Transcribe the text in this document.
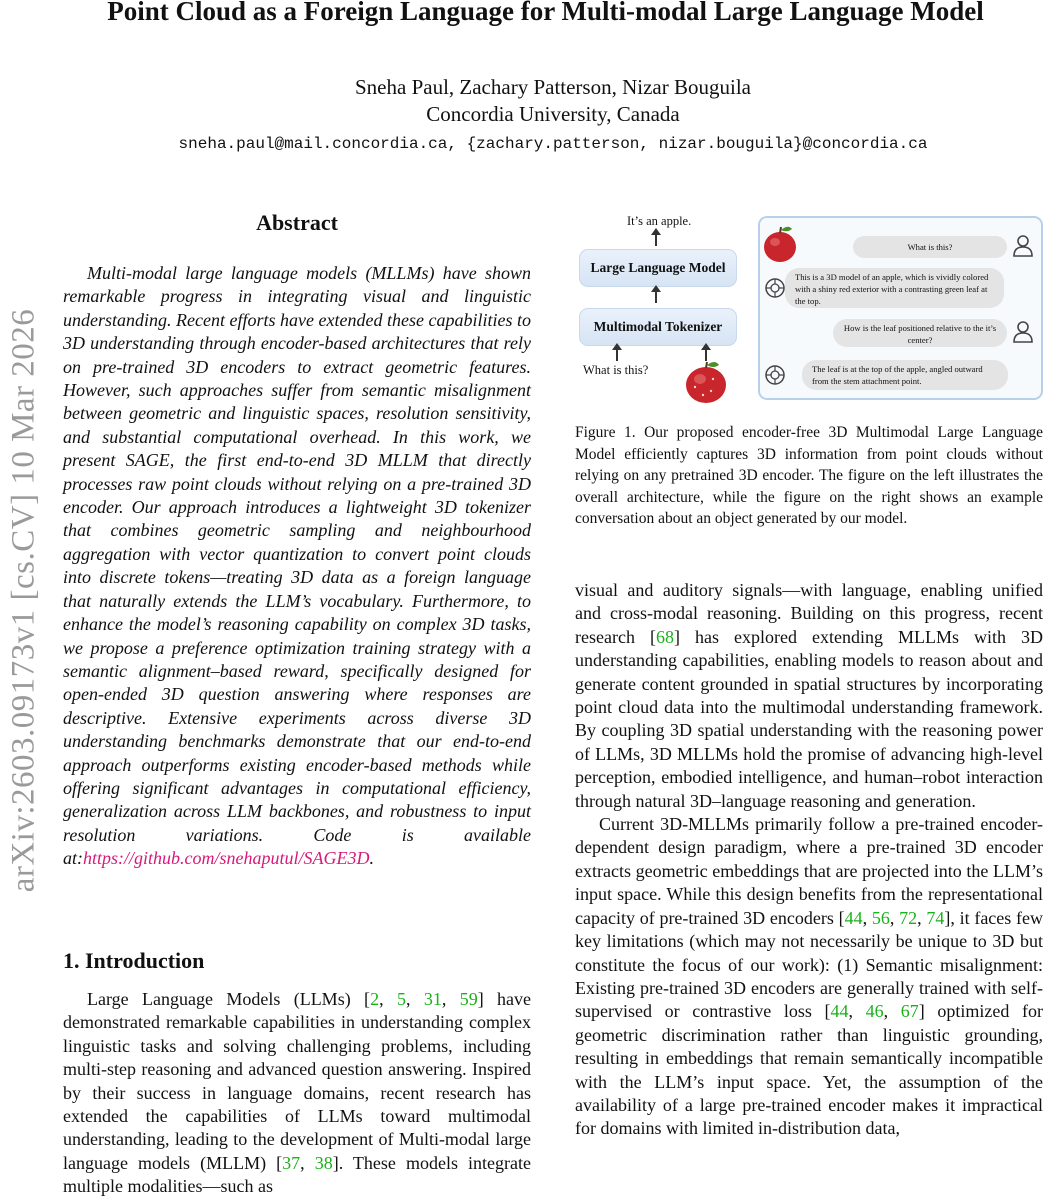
arXiv:2603.09173v1 [cs.CV] 10 Mar 2026
Point Cloud as a Foreign Language for Multi-modal Large Language Model
Sneha Paul, Zachary Patterson, Nizar Bouguila
Concordia University, Canada
sneha.paul@mail.concordia.ca, {zachary.patterson, nizar.bouguila}@concordia.ca
Abstract

Multi-modal large language models (MLLMs) have shown remarkable progress in integrating visual and linguistic understanding. Recent efforts have extended these capabilities to 3D understanding through encoder-based architectures that rely on pre-trained 3D encoders to extract geometric features. However, such approaches suffer from semantic misalignment between geometric and linguistic spaces, resolution sensitivity, and substantial computational overhead. In this work, we present SAGE, the first end-to-end 3D MLLM that directly processes raw point clouds without relying on a pre-trained 3D encoder. Our approach introduces a lightweight 3D tokenizer that combines geometric sampling and neighbourhood aggregation with vector quantization to convert point clouds into discrete tokens—treating 3D data as a foreign language that naturally extends the LLM’s vocabulary. Furthermore, to enhance the model’s reasoning capability on complex 3D tasks, we propose a preference optimization training strategy with a semantic alignment–based reward, specifically designed for open-ended 3D question answering where responses are descriptive. Extensive experiments across diverse 3D understanding benchmarks demonstrate that our end-to-end approach outperforms existing encoder-based methods while offering significant advantages in computational efficiency, generalization across LLM backbones, and robustness to input resolution variations. Code is available at:https://github.com/snehaputul/SAGE3D.

1. Introduction

Large Language Models (LLMs) [2, 5, 31, 59] have demonstrated remarkable capabilities in understanding complex linguistic tasks and solving challenging problems, including multi-step reasoning and advanced question answering. Inspired by their success in language domains, recent research has extended the capabilities of LLMs toward multimodal understanding, leading to the development of Multi-modal large language models (MLLM) [37, 38]. These models integrate multiple modalities—such as

It’s an apple.
Large Language Model
Multimodal Tokenizer
What is this?
What is this?
This is a 3D model of an apple, which is vividly colored with a shiny red exterior with a contrasting green leaf at the top.
How is the leaf positioned relative to the it’s center?
The leaf is at the top of the apple, angled outward from the stem attachment point.

Figure 1. Our proposed encoder-free 3D Multimodal Large Language Model efficiently captures 3D information from point clouds without relying on any pretrained 3D encoder. The figure on the left illustrates the overall architecture, while the figure on the right shows an example conversation about an object generated by our model.

visual and auditory signals—with language, enabling unified and cross-modal reasoning. Building on this progress, recent research [68] has explored extending MLLMs with 3D understanding capabilities, enabling models to reason about and generate content grounded in spatial structures by incorporating point cloud data into the multimodal understanding framework. By coupling 3D spatial understanding with the reasoning power of LLMs, 3D MLLMs hold the promise of advancing high-level perception, embodied intelligence, and human–robot interaction through natural 3D–language reasoning and generation.

Current 3D-MLLMs primarily follow a pre-trained encoder-dependent design paradigm, where a pre-trained 3D encoder extracts geometric embeddings that are projected into the LLM’s input space. While this design benefits from the representational capacity of pre-trained 3D encoders [44, 56, 72, 74], it faces few key limitations (which may not necessarily be unique to 3D but constitute the focus of our work): (1) Semantic misalignment: Existing pre-trained 3D encoders are generally trained with self-supervised or contrastive loss [44, 46, 67] optimized for geometric discrimination rather than linguistic grounding, resulting in embeddings that remain semantically incompatible with the LLM’s input space. Yet, the assumption of the availability of a large pre-trained encoder makes it impractical for domains with limited in-distribution data,
